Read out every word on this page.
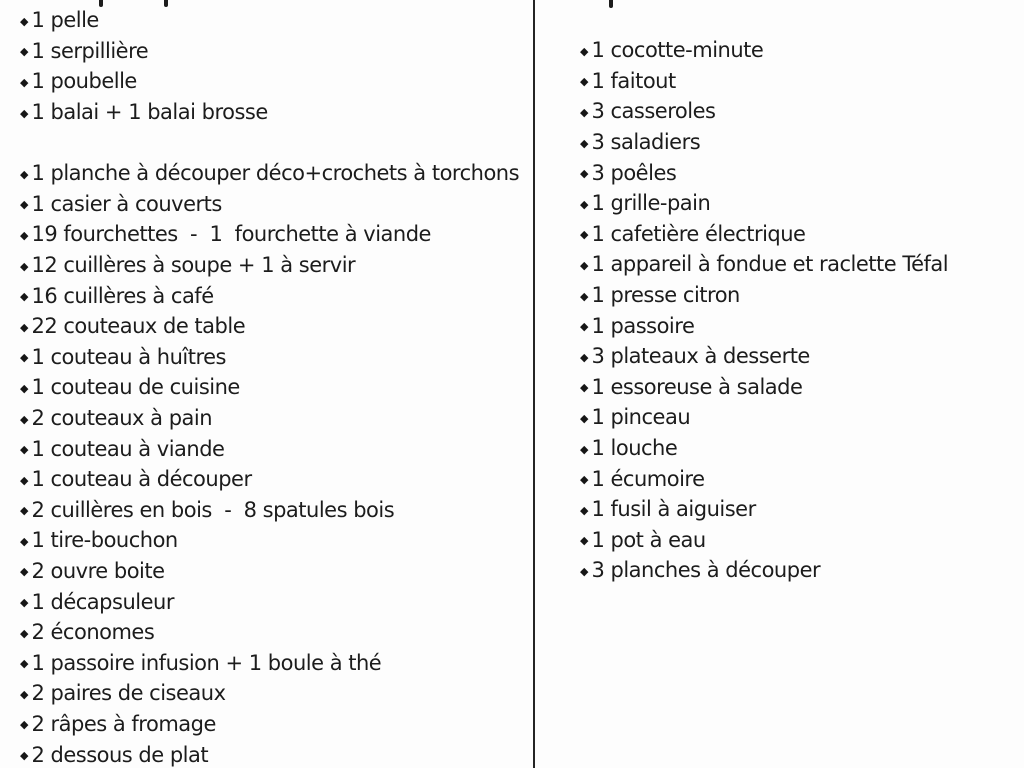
◆ 1 pelle
◆ 1 serpillière
◆ 1 poubelle
◆ 1 balai + 1 balai brosse
◆ 1 planche à découper déco+crochets à torchons
◆ 1 casier à couverts
◆ 19 fourchettes  -  1  fourchette à viande
◆ 12 cuillères à soupe + 1 à servir
◆ 16 cuillères à café
◆ 22 couteaux de table
◆ 1 couteau à huîtres
◆ 1 couteau de cuisine
◆ 2 couteaux à pain
◆ 1 couteau à viande
◆ 1 couteau à découper
◆ 2 cuillères en bois  -  8 spatules bois
◆ 1 tire-bouchon
◆ 2 ouvre boite
◆ 1 décapsuleur
◆ 2 économes
◆ 1 passoire infusion + 1 boule à thé
◆ 2 paires de ciseaux
◆ 2 râpes à fromage
◆ 2 dessous de plat
◆ 1 cocotte-minute
◆ 1 faitout
◆ 3 casseroles
◆ 3 saladiers
◆ 3 poêles
◆ 1 grille-pain
◆ 1 cafetière électrique
◆ 1 appareil à fondue et raclette Téfal
◆ 1 presse citron
◆ 1 passoire
◆ 3 plateaux à desserte
◆ 1 essoreuse à salade
◆ 1 pinceau
◆ 1 louche
◆ 1 écumoire
◆ 1 fusil à aiguiser
◆ 1 pot à eau
◆ 3 planches à découper
